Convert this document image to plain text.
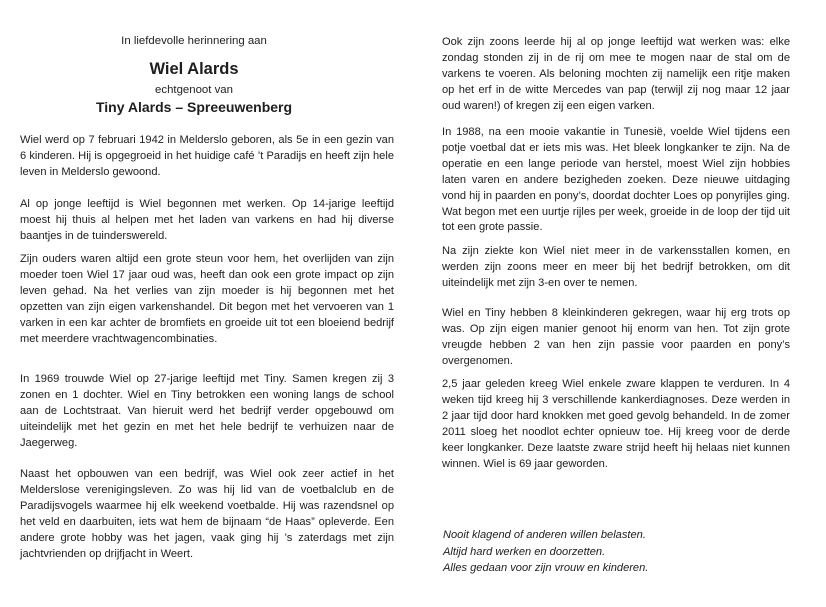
In liefdevolle herinnering aan
Wiel Alards
echtgenoot van
Tiny Alards – Spreeuwenberg

Wiel werd op 7 februari 1942 in Melderslo geboren, als 5e in een gezin van 6 kinderen. Hij is opgegroeid in het huidige café ’t Paradijs en heeft zijn hele leven in Melderslo gewoond.

Al op jonge leeftijd is Wiel begonnen met werken. Op 14-jarige leeftijd moest hij thuis al helpen met het laden van varkens en had hij diverse baantjes in de tuinderswereld.

Zijn ouders waren altijd een grote steun voor hem, het overlijden van zijn moeder toen Wiel 17 jaar oud was, heeft dan ook een grote impact op zijn leven gehad. Na het verlies van zijn moeder is hij begonnen met het opzetten van zijn eigen varkenshandel. Dit begon met het vervoeren van 1 varken in een kar achter de bromfiets en groeide uit tot een bloeiend bedrijf met meerdere vrachtwagencombinaties.

In 1969 trouwde Wiel op 27-jarige leeftijd met Tiny. Samen kregen zij 3 zonen en 1 dochter. Wiel en Tiny betrokken een woning langs de school aan de Lochtstraat. Van hieruit werd het bedrijf verder opgebouwd om uiteindelijk met het gezin en met het hele bedrijf te verhuizen naar de Jaegerweg.

Naast het opbouwen van een bedrijf, was Wiel ook zeer actief in het Melderslose verenigingsleven. Zo was hij lid van de voetbalclub en de Paradijsvogels waarmee hij elk weekend voetbalde. Hij was razendsnel op het veld en daarbuiten, iets wat hem de bijnaam “de Haas” opleverde. Een andere grote hobby was het jagen, vaak ging hij ’s zaterdags met zijn jachtvrienden op drijfjacht in Weert.

Ook zijn zoons leerde hij al op jonge leeftijd wat werken was: elke zondag stonden zij in de rij om mee te mogen naar de stal om de varkens te voeren. Als beloning mochten zij namelijk een ritje maken op het erf in de witte Mercedes van pap (terwijl zij nog maar 12 jaar oud waren!) of kregen zij een eigen varken.

In 1988, na een mooie vakantie in Tunesië, voelde Wiel tijdens een potje voetbal dat er iets mis was. Het bleek longkanker te zijn. Na de operatie en een lange periode van herstel, moest Wiel zijn hobbies laten varen en andere bezigheden zoeken. Deze nieuwe uitdaging vond hij in paarden en pony’s, doordat dochter Loes op ponyrijles ging. Wat begon met een uurtje rijles per week, groeide in de loop der tijd uit tot een grote passie.

Na zijn ziekte kon Wiel niet meer in de varkensstallen komen, en werden zijn zoons meer en meer bij het bedrijf betrokken, om dit uiteindelijk met zijn 3-en over te nemen.

Wiel en Tiny hebben 8 kleinkinderen gekregen, waar hij erg trots op was. Op zijn eigen manier genoot hij enorm van hen. Tot zijn grote vreugde hebben 2 van hen zijn passie voor paarden en pony’s overgenomen.

2,5 jaar geleden kreeg Wiel enkele zware klappen te verduren. In 4 weken tijd kreeg hij 3 verschillende kankerdiagnoses. Deze werden in 2 jaar tijd door hard knokken met goed gevolg behandeld. In de zomer 2011 sloeg het noodlot echter opnieuw toe. Hij kreeg voor de derde keer longkanker. Deze laatste zware strijd heeft hij helaas niet kunnen winnen. Wiel is 69 jaar geworden.

Nooit klagend of anderen willen belasten.
Altijd hard werken en doorzetten.
Alles gedaan voor zijn vrouw en kinderen.
